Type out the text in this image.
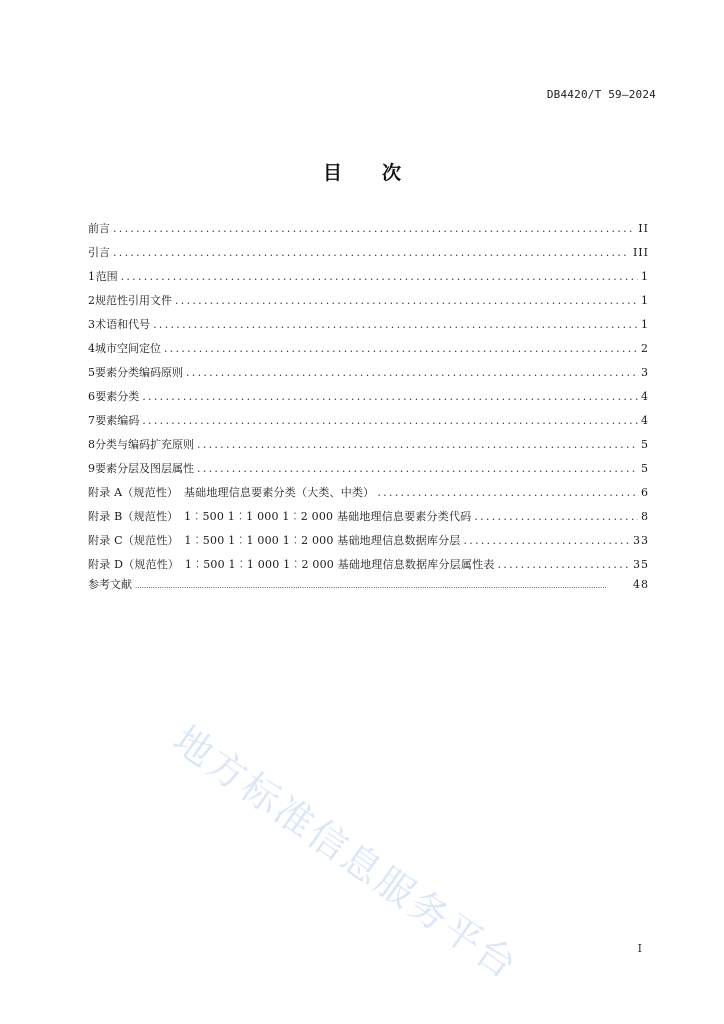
DB4420/T 59—2024
目 次
前言 .....	II
引言 .....	III
1 范围 .....	1
2 规范性引用文件 .....	1
3 术语和代号 .....	1
4 城市空间定位 .....	2
5 要素分类编码原则 .....	3
6 要素分类 .....	4
7 要素编码 .....	4
8 分类与编码扩充原则 .....	5
9 要素分层及图层属性 .....	5
附录 A（规范性）　基础地理信息要素分类（大类、中类） .....	6
附录 B（规范性）　1︰500 1︰1 000 1︰2 000 基础地理信息要素分类代码 .....	8
附录 C（规范性）　1︰500 1︰1 000 1︰2 000 基础地理信息数据库分层 .....	33
附录 D（规范性）　1︰500 1︰1 000 1︰2 000 基础地理信息数据库分层属性表 .....	35
参考文献 .....	48
地方标准信息服务平台	I
